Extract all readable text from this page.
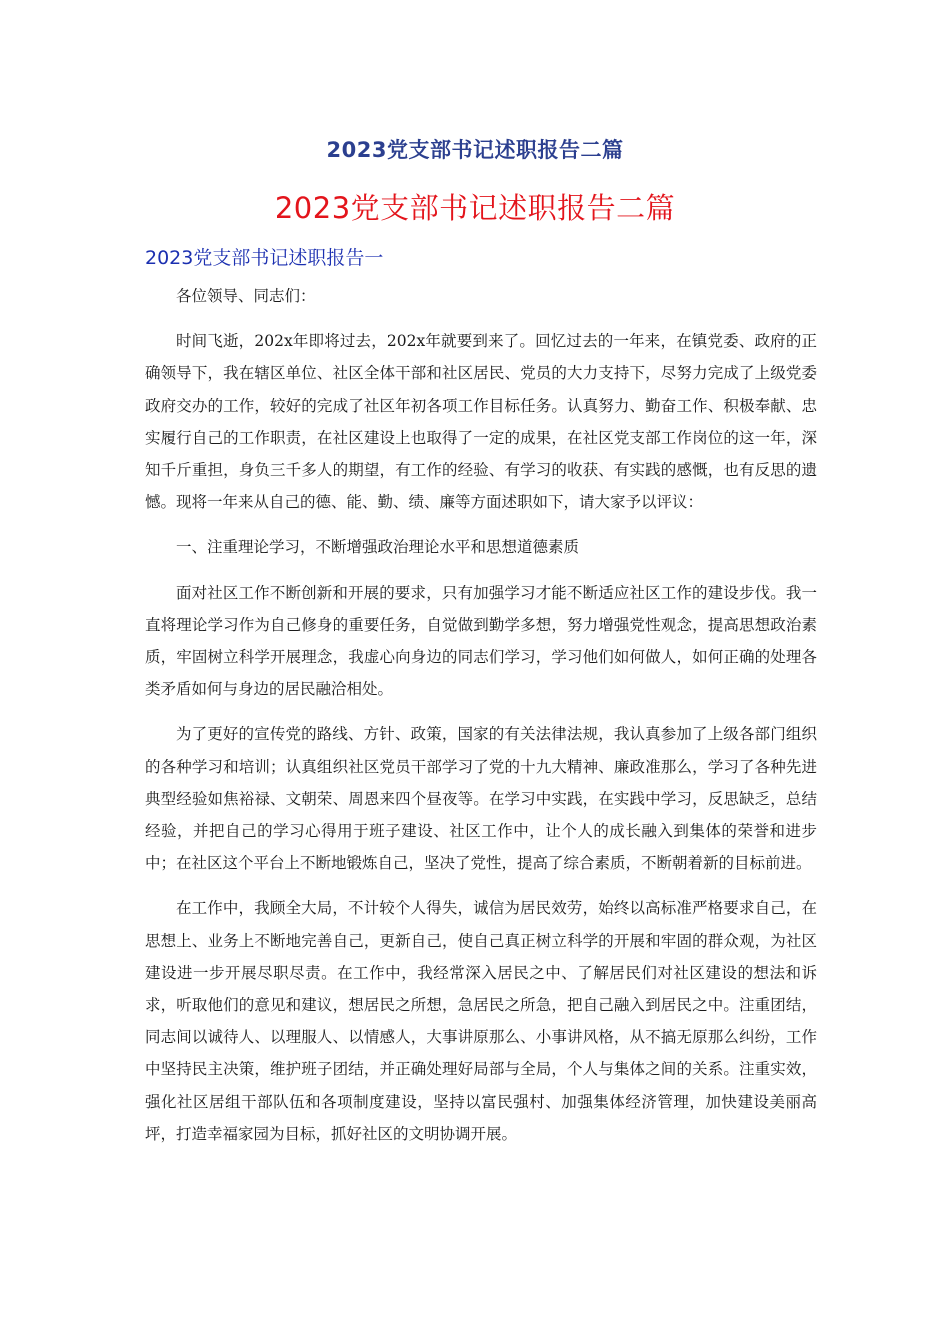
2023党支部书记述职报告二篇
2023党支部书记述职报告二篇
2023党支部书记述职报告一

各位领导、同志们：

时间飞逝，202x年即将过去，202x年就要到来了。回忆过去的一年来，在镇党委、政府的正确领导下，我在辖区单位、社区全体干部和社区居民、党员的大力支持下，尽努力完成了上级党委政府交办的工作，较好的完成了社区年初各项工作目标任务。认真努力、勤奋工作、积极奉献、忠实履行自己的工作职责，在社区建设上也取得了一定的成果，在社区党支部工作岗位的这一年，深知千斤重担，身负三千多人的期望，有工作的经验、有学习的收获、有实践的感慨，也有反思的遗憾。现将一年来从自己的德、能、勤、绩、廉等方面述职如下，请大家予以评议：

一、注重理论学习，不断增强政治理论水平和思想道德素质

面对社区工作不断创新和开展的要求，只有加强学习才能不断适应社区工作的建设步伐。我一直将理论学习作为自己修身的重要任务，自觉做到勤学多想，努力增强党性观念，提高思想政治素质，牢固树立科学开展理念，我虚心向身边的同志们学习，学习他们如何做人，如何正确的处理各类矛盾如何与身边的居民融洽相处。

为了更好的宣传党的路线、方针、政策，国家的有关法律法规，我认真参加了上级各部门组织的各种学习和培训；认真组织社区党员干部学习了党的十九大精神、廉政准那么，学习了各种先进典型经验如焦裕禄、文朝荣、周恩来四个昼夜等。在学习中实践，在实践中学习，反思缺乏，总结经验，并把自己的学习心得用于班子建设、社区工作中，让个人的成长融入到集体的荣誉和进步中；在社区这个平台上不断地锻炼自己，坚决了党性，提高了综合素质，不断朝着新的目标前进。

在工作中，我顾全大局，不计较个人得失，诚信为居民效劳，始终以高标准严格要求自己，在思想上、业务上不断地完善自己，更新自己，使自己真正树立科学的开展和牢固的群众观，为社区建设进一步开展尽职尽责。在工作中，我经常深入居民之中、了解居民们对社区建设的想法和诉求，听取他们的意见和建议，想居民之所想，急居民之所急，把自己融入到居民之中。注重团结，同志间以诚待人、以理服人、以情感人，大事讲原那么、小事讲风格，从不搞无原那么纠纷，工作中坚持民主决策，维护班子团结，并正确处理好局部与全局，个人与集体之间的关系。注重实效，强化社区居组干部队伍和各项制度建设，坚持以富民强村、加强集体经济管理，加快建设美丽高坪，打造幸福家园为目标，抓好社区的文明协调开展。
